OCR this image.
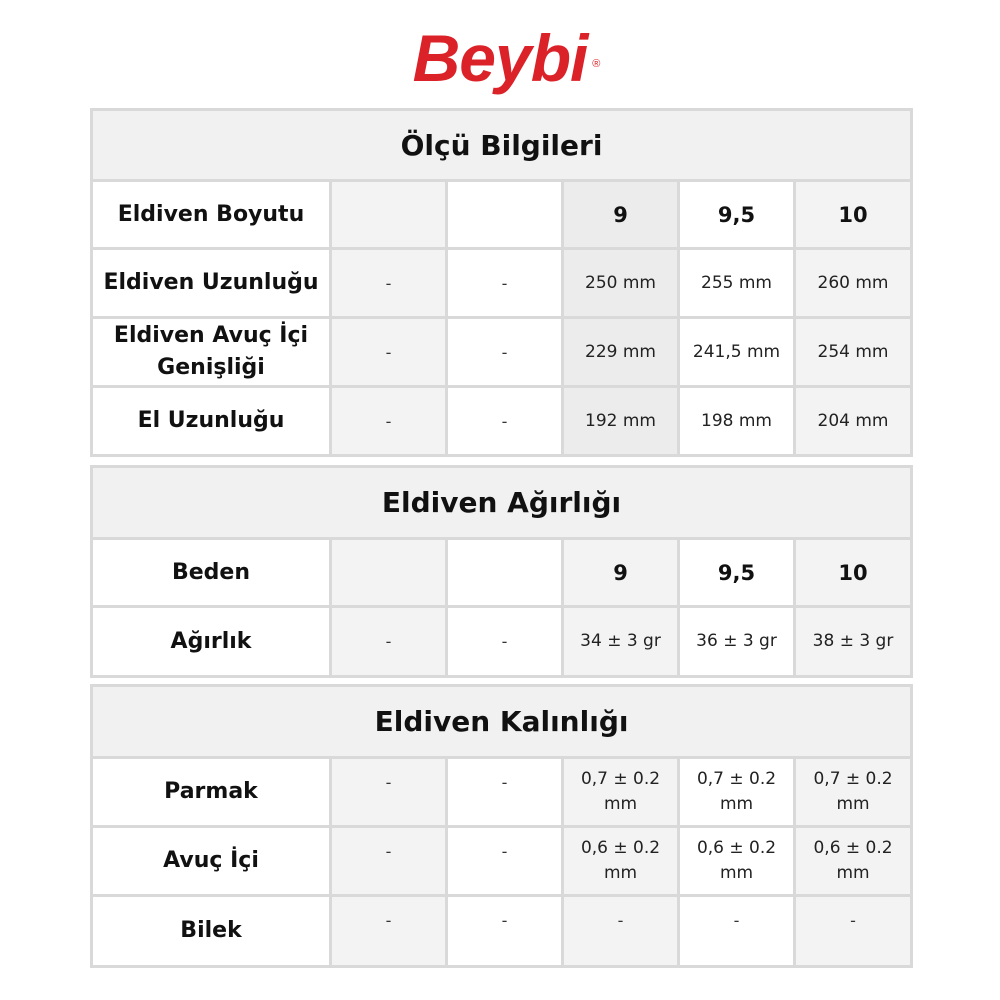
Beybi ®
Ölçü Bilgileri					
Eldiven Boyutu			9	9,5	10
Eldiven Uzunluğu	-	-	250 mm	255 mm	260 mm
Eldiven Avuç İçi Genişliği	-	-	229 mm	241,5 mm	254 mm
El Uzunluğu	-	-	192 mm	198 mm	204 mm
Eldiven Ağırlığı					
Beden			9	9,5	10
Ağırlık	-	-	34 ± 3 gr	36 ± 3 gr	38 ± 3 gr
Eldiven Kalınlığı					
Parmak	-	-	0,7 ± 0.2 mm	0,7 ± 0.2 mm	0,7 ± 0.2 mm
Avuç İçi	-	-	0,6 ± 0.2 mm	0,6 ± 0.2 mm	0,6 ± 0.2 mm
Bilek	-	-	-	-	-
